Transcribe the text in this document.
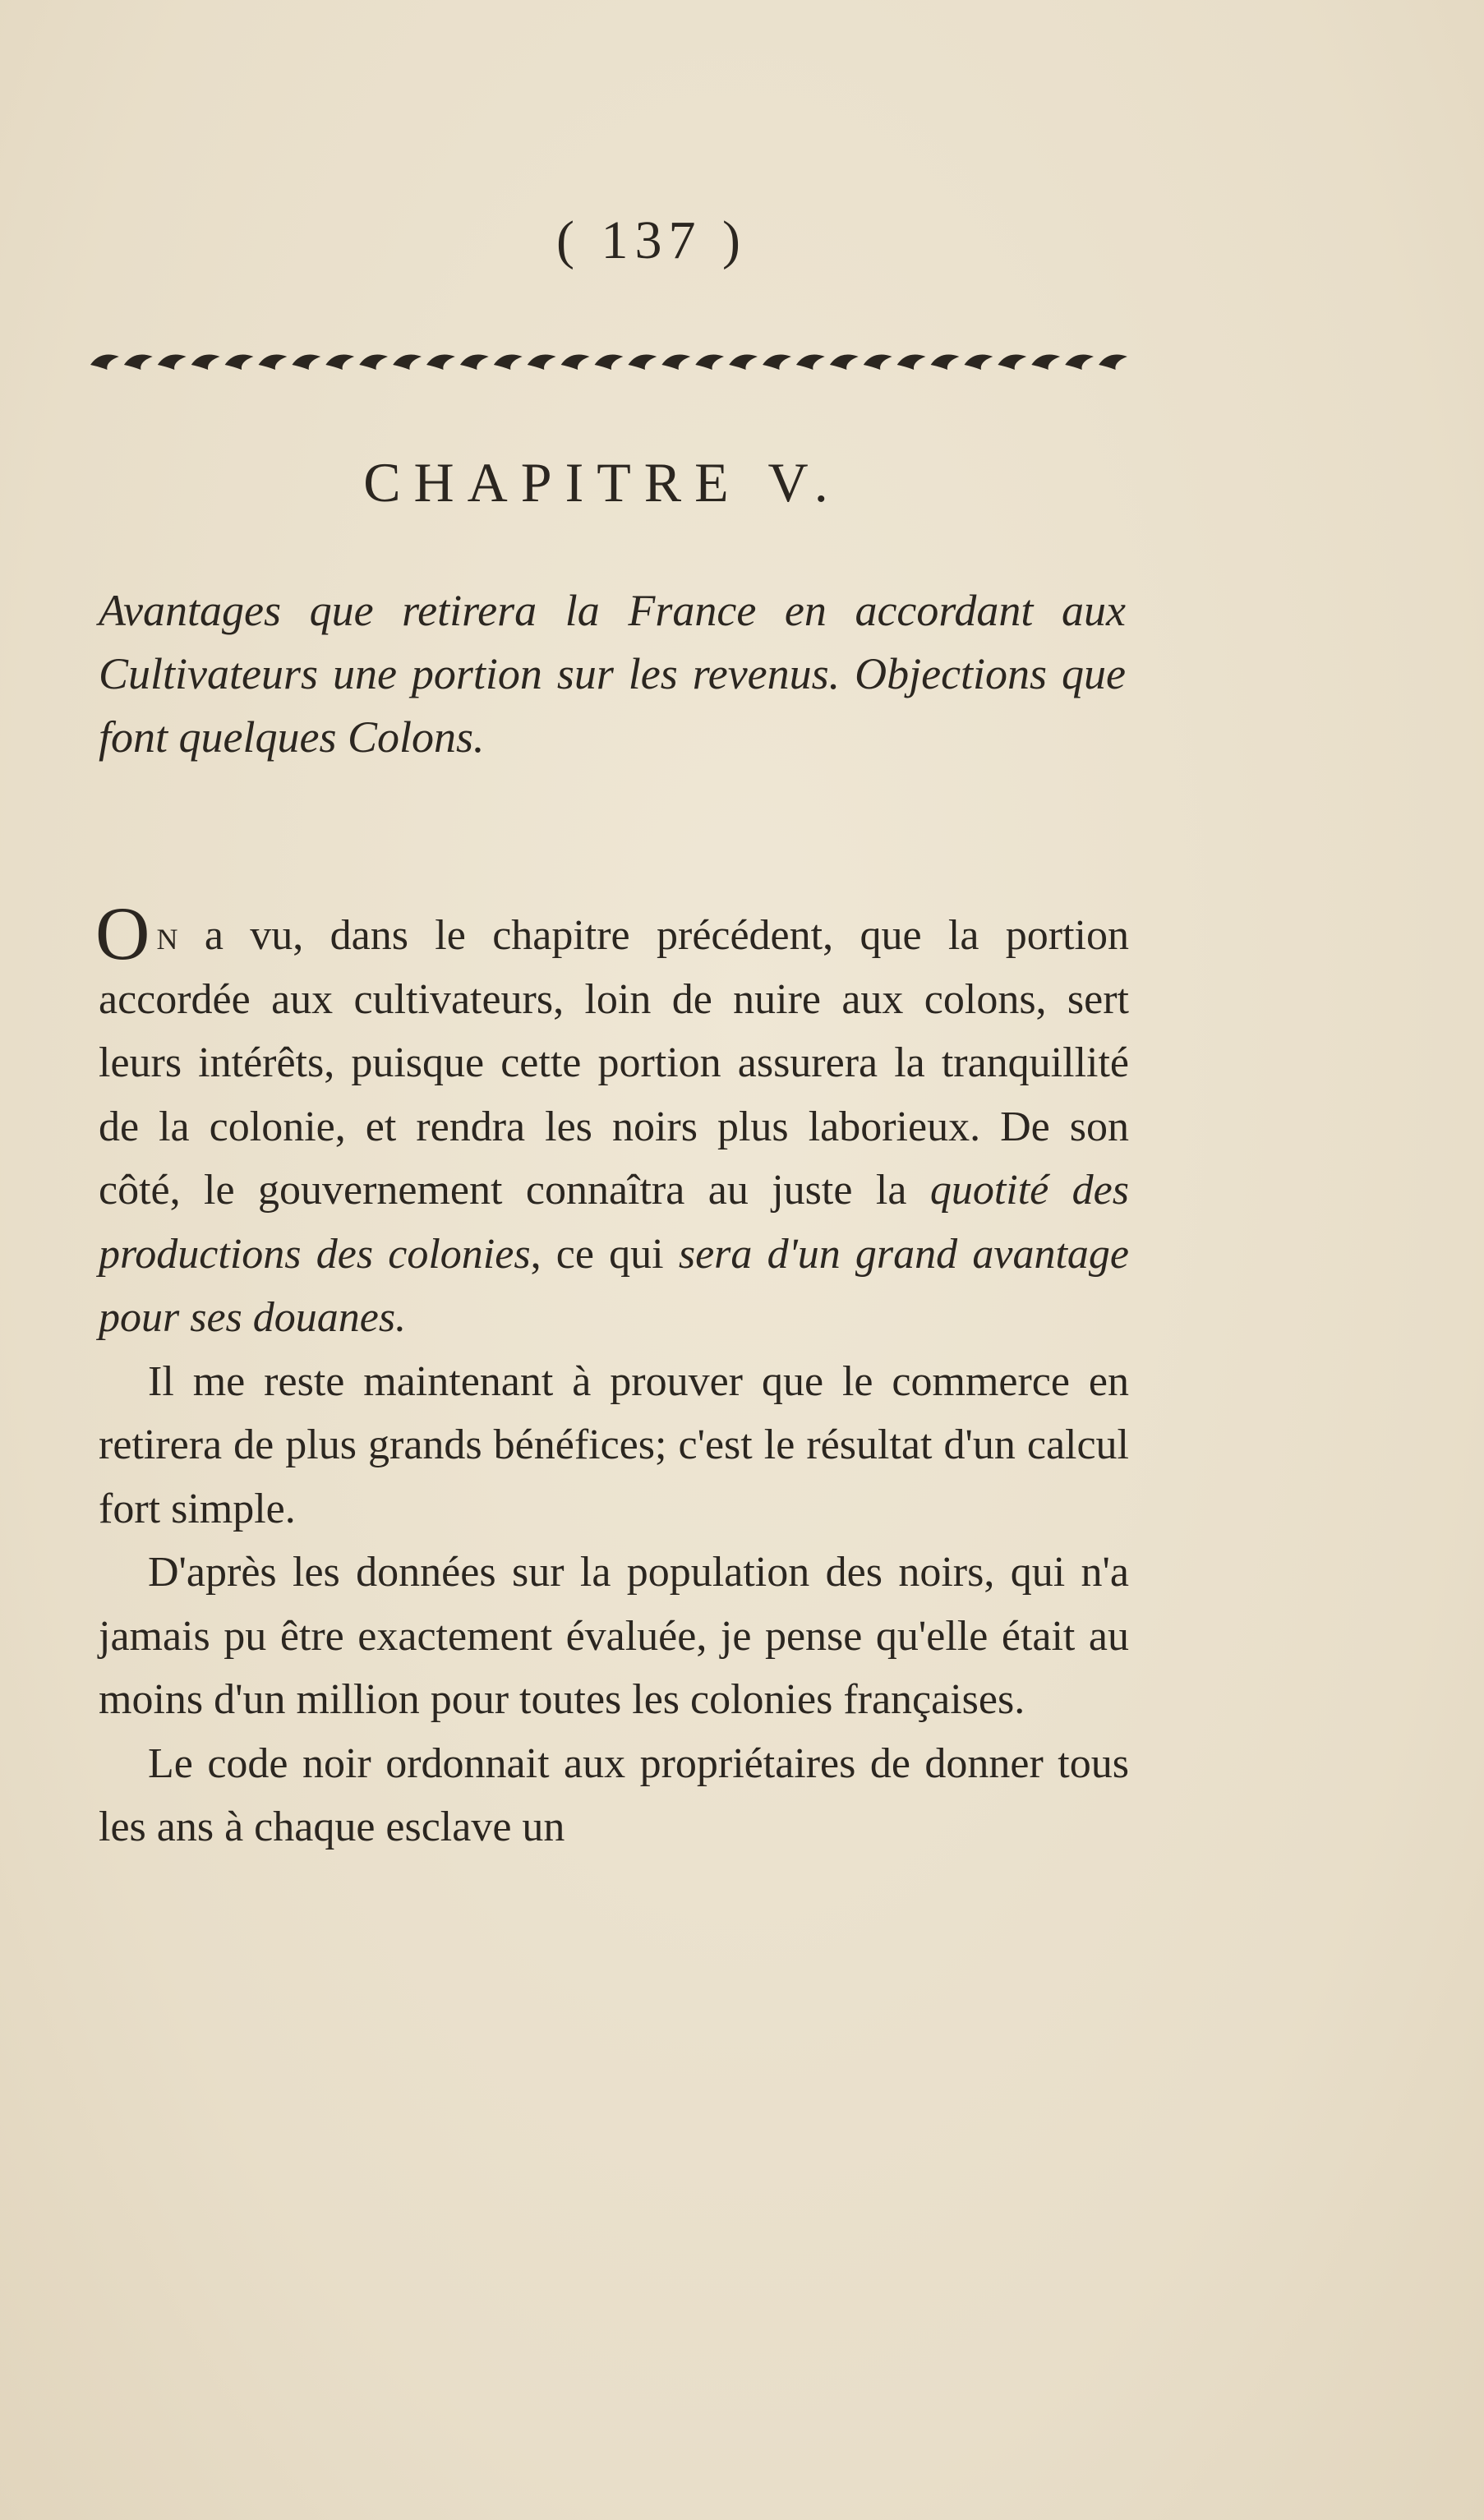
( 137 )
CHAPITRE V.

Avantages que retirera la France en accordant aux Cultivateurs une portion sur les revenus. Objections que font quelques Colons.

On a vu, dans le chapitre précédent, que la portion accordée aux cultivateurs, loin de nuire aux colons, sert leurs intérêts, puisque cette portion assurera la tranquillité de la colonie, et rendra les noirs plus laborieux. De son côté, le gouvernement connaîtra au juste la quotité des productions des colonies, ce qui sera d'un grand avantage pour ses douanes.

Il me reste maintenant à prouver que le commerce en retirera de plus grands bénéfices; c'est le résultat d'un calcul fort simple.

D'après les données sur la population des noirs, qui n'a jamais pu être exactement évaluée, je pense qu'elle était au moins d'un million pour toutes les colonies françaises.

Le code noir ordonnait aux propriétaires de donner tous les ans à chaque esclave un
